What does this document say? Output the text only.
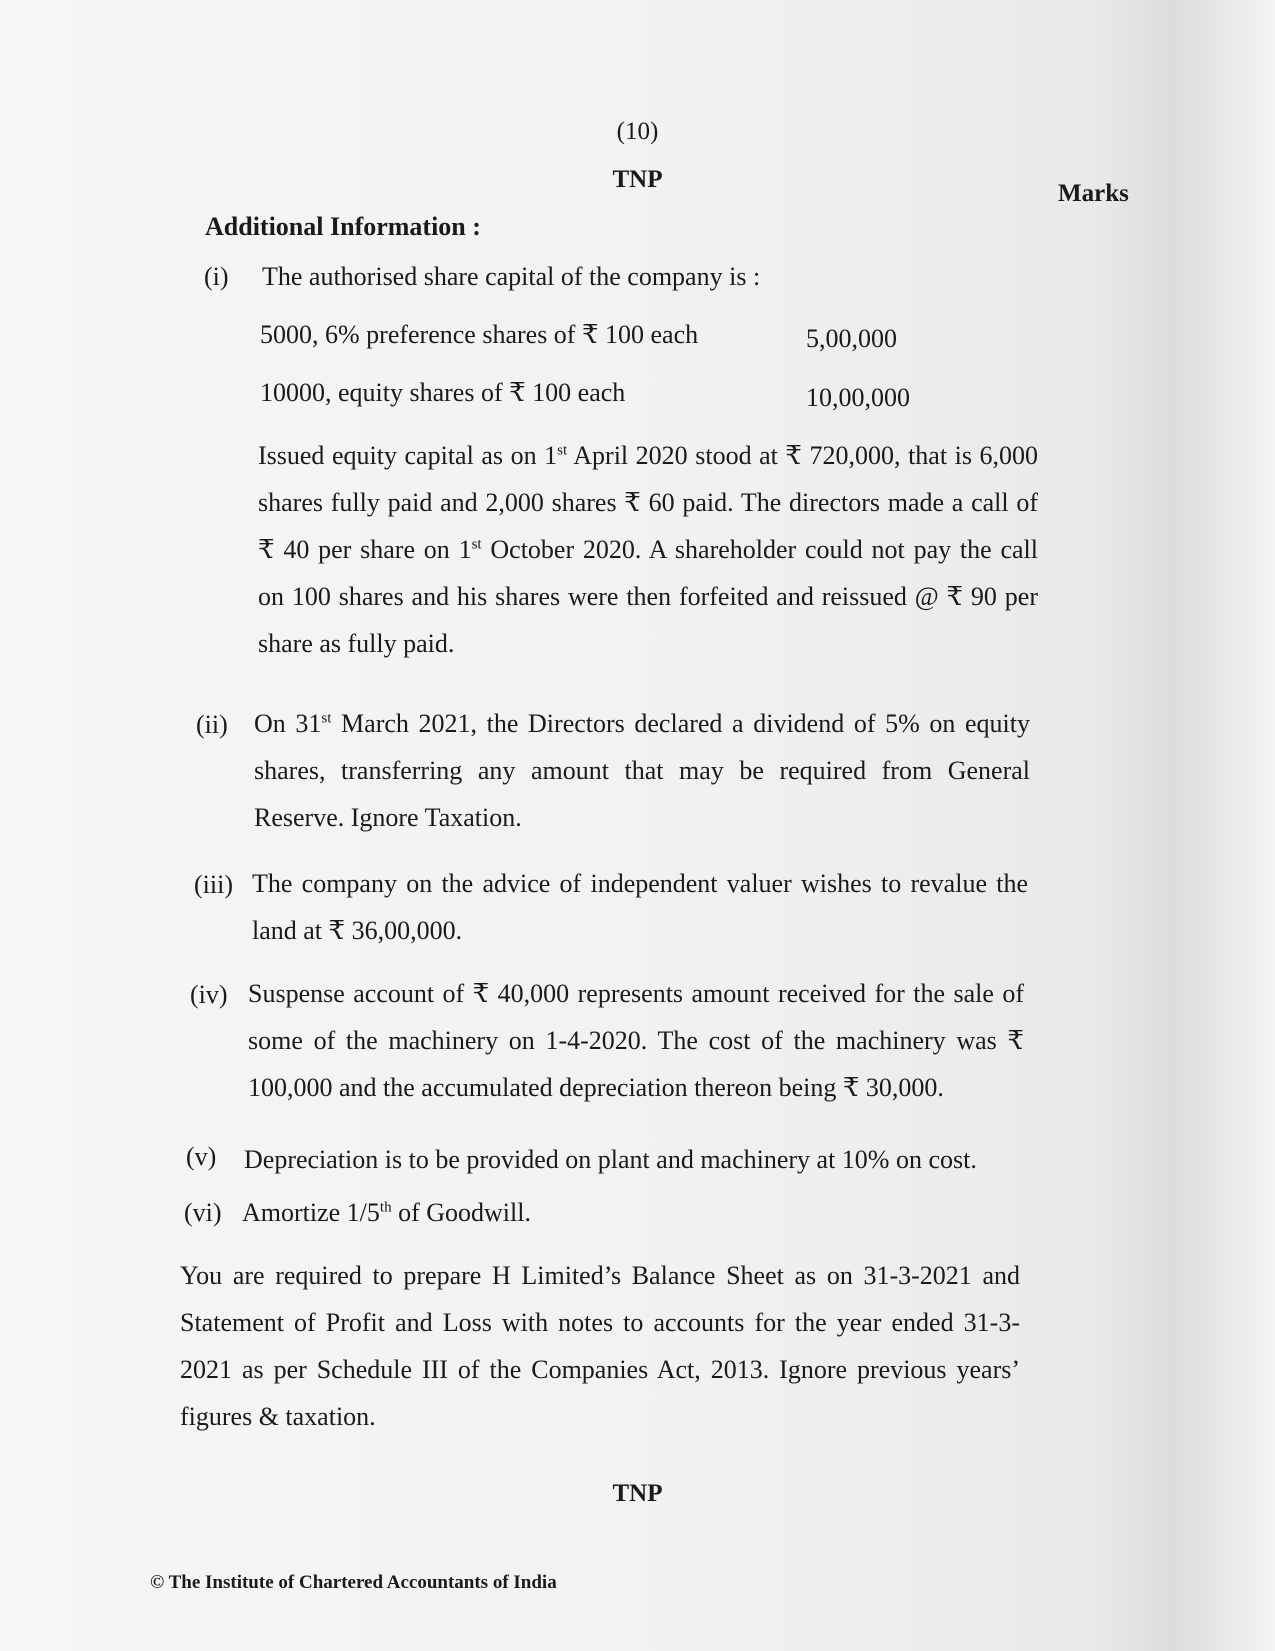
(10)
TNP
Marks
Additional Information :
(i) The authorised share capital of the company is :
5000, 6% preference shares of ₹ 100 each	5,00,000
10000, equity shares of ₹ 100 each	10,00,000
Issued equity capital as on 1st April 2020 stood at ₹ 720,000, that is 6,000 shares fully paid and 2,000 shares ₹ 60 paid. The directors made a call of ₹ 40 per share on 1st October 2020. A shareholder could not pay the call on 100 shares and his shares were then forfeited and reissued @ ₹ 90 per share as fully paid.
(ii) On 31st March 2021, the Directors declared a dividend of 5% on equity shares, transferring any amount that may be required from General Reserve. Ignore Taxation.
(iii) The company on the advice of independent valuer wishes to revalue the land at ₹ 36,00,000.
(iv) Suspense account of ₹ 40,000 represents amount received for the sale of some of the machinery on 1-4-2020. The cost of the machinery was ₹ 100,000 and the accumulated depreciation thereon being ₹ 30,000.
(v) Depreciation is to be provided on plant and machinery at 10% on cost.
(vi) Amortize 1/5th of Goodwill.
You are required to prepare H Limited’s Balance Sheet as on 31-3-2021 and Statement of Profit and Loss with notes to accounts for the year ended 31-3-2021 as per Schedule III of the Companies Act, 2013. Ignore previous years’ figures & taxation.
TNP
© The Institute of Chartered Accountants of India
